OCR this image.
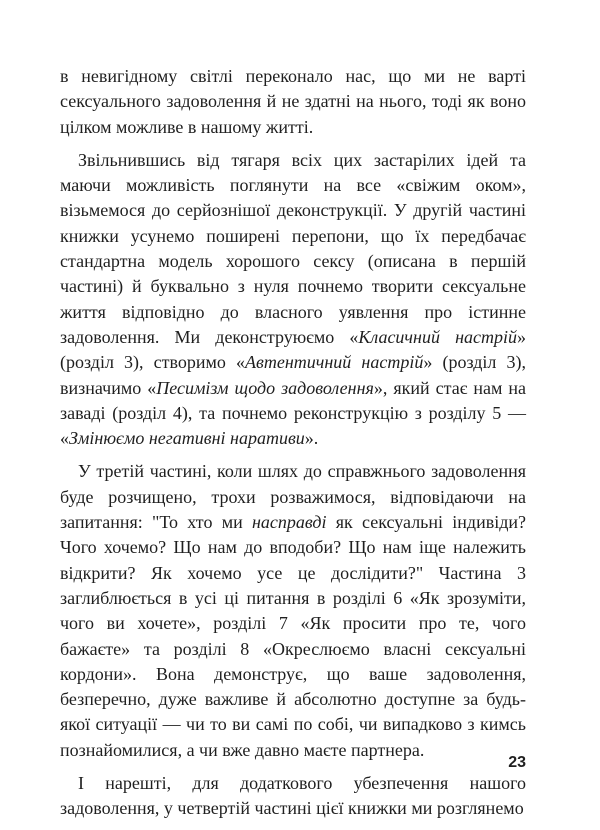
в невигідному світлі переконало нас, що ми не варті сексуального задоволення й не здатні на нього, тоді як воно цілком можливе в нашому житті.

Звільнившись від тягаря всіх цих застарілих ідей та маючи можливість поглянути на все «свіжим оком», візьмемося до серйознішої деконструкції. У другій частині книжки усунемо поширені перепони, що їх передбачає стандартна модель хорошого сексу (описана в першій частині) й буквально з нуля почнемо творити сексуальне життя відповідно до власного уявлення про істинне задоволення. Ми деконструюємо «Класичний настрій» (розділ 3), створимо «Автентичний настрій» (розділ 3), визначимо «Песимізм щодо задоволення», який стає нам на заваді (розділ 4), та почнемо реконструкцію з розділу 5 — «Змінюємо негативні наративи».

У третій частині, коли шлях до справжнього задоволення буде розчищено, трохи розважимося, відповідаючи на запитання: "То хто ми насправді як сексуальні індивіди? Чого хочемо? Що нам до вподоби? Що нам іще належить відкрити? Як хочемо усе це дослідити?" Частина 3 заглиблюється в усі ці питання в розділі 6 «Як зрозуміти, чого ви хочете», розділі 7 «Як просити про те, чого бажаєте» та розділі 8 «Окреслюємо власні сексуальні кордони». Вона демонструє, що ваше задоволення, безперечно, дуже важливе й абсолютно доступне за будь-якої ситуації — чи то ви самі по собі, чи випадково з кимсь познайомилися, а чи вже давно маєте партнера.

І нарешті, для додаткового убезпечення нашого задоволення, у четвертій частині цієї книжки ми розглянемо

23
